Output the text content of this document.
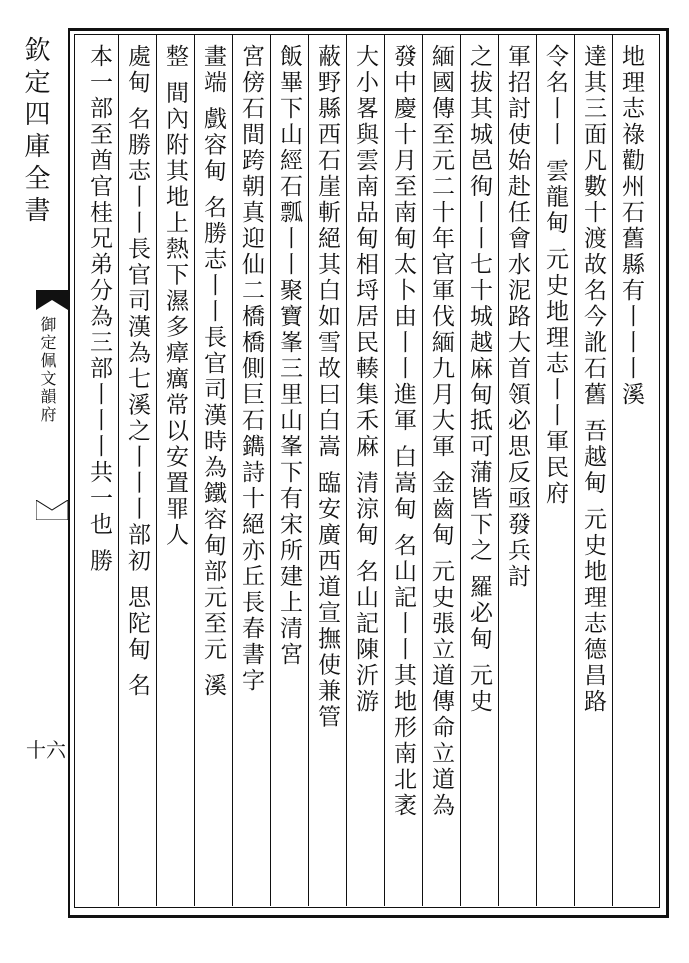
欽定四庫全書
御定佩文韻府
十六
地理志祿勸州石舊縣有丨丨丨溪
達其三面凡數十渡故名今訛石舊 吾越甸 元史地理志德昌路
令名丨丨 雲龍甸 元史地理志丨丨軍民府
軍招討使始赴任會水泥路大首領必思反亟發兵討
之拔其城邑徇丨丨七十城越麻甸抵可蒲皆下之 羅必甸 元史
緬國傳至元二十年官軍伐緬九月大軍 金齒甸 元史張立道傳命立道為
發中慶十月至南甸太卜由丨丨進軍 白嵩甸 名山記丨丨其地形南北袤
大小畧與雲南品甸相埒居民輳集禾麻 清涼甸 名山記陳沂游
蔽野縣西石崖斬絕其白如雪故曰白嵩 臨安廣西道宣撫使兼管
飯畢下山經石瓢丨丨聚寶峯三里山峯下有宋所建上清宮
宮傍石間跨朝真迎仙二橋橋側巨石鐫詩十絕亦丘長春書字
畫端 戲容甸 名勝志丨丨長官司漢時為鐵容甸部元至元 溪
整 間內附其地上熱下濕多瘴癘常以安置罪人
處甸 名勝志丨丨長官司漢為七溪之丨丨丨部初 思陀甸 名
本一部至酋官桂兄弟分為三部丨丨丨共一也 勝
